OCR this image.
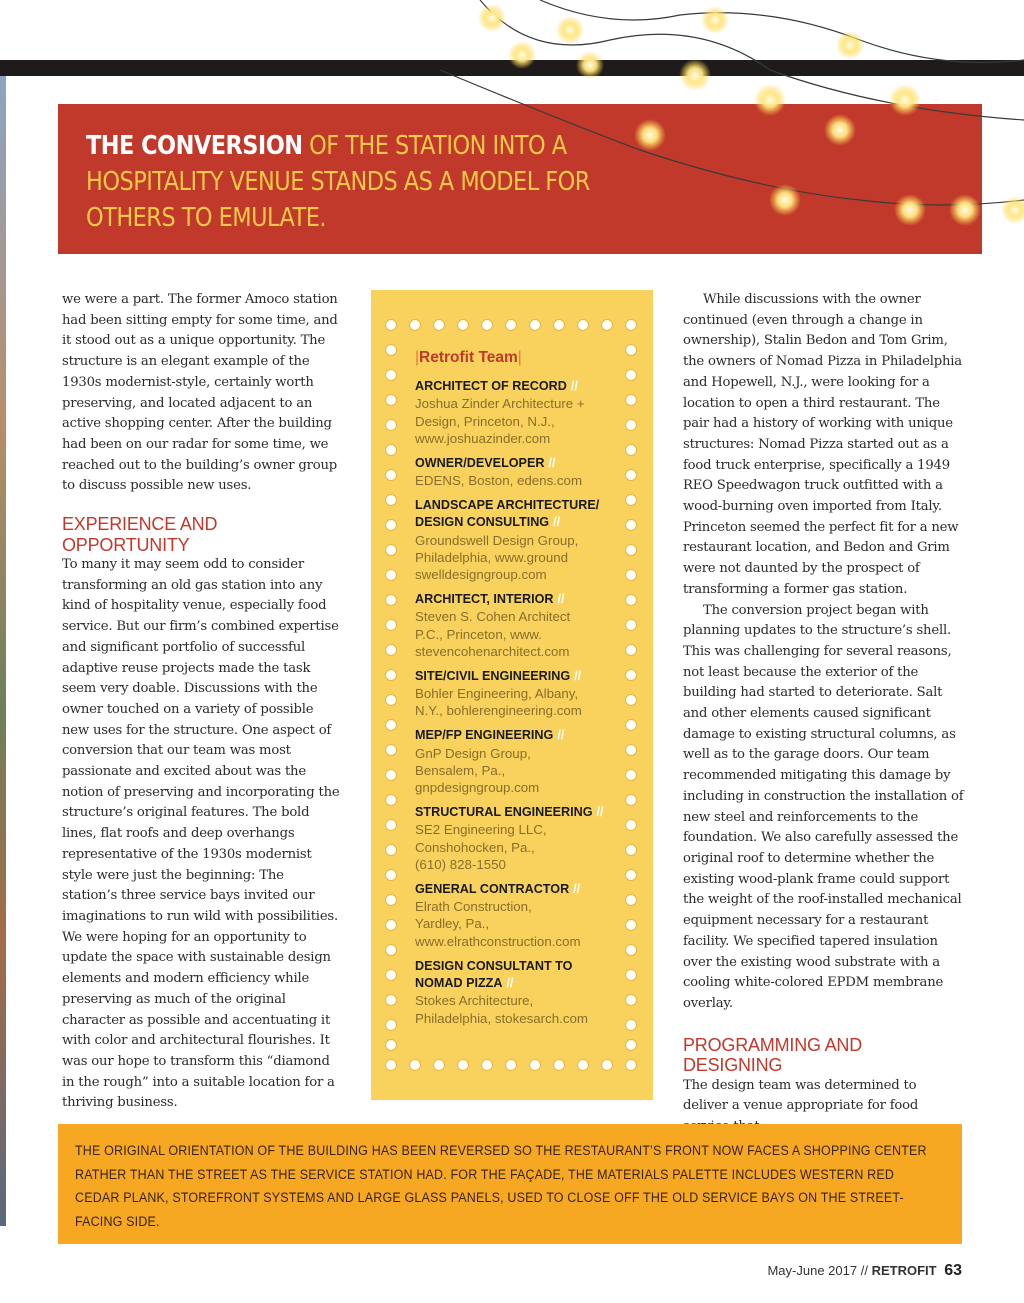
THE CONVERSION OF THE STATION INTO A HOSPITALITY VENUE STANDS AS A MODEL FOR OTHERS TO EMULATE.

we were a part. The former Amoco station had been sitting empty for some time, and it stood out as a unique opportunity. The structure is an elegant example of the 1930s modernist-style, certainly worth preserving, and located adjacent to an active shopping center. After the building had been on our radar for some time, we reached out to the building’s owner group to discuss possible new uses.

EXPERIENCE AND OPPORTUNITY

To many it may seem odd to consider transforming an old gas station into any kind of hospitality venue, especially food service. But our firm’s combined expertise and significant portfolio of successful adaptive reuse projects made the task seem very doable. Discussions with the owner touched on a variety of possible new uses for the structure. One aspect of conversion that our team was most passionate and excited about was the notion of preserving and incorporating the structure’s original features. The bold lines, flat roofs and deep overhangs representative of the 1930s modernist style were just the beginning: The station’s three service bays invited our imaginations to run wild with possibilities. We were hoping for an opportunity to update the space with sustainable design elements and modern efficiency while preserving as much of the original character as possible and accentuating it with color and architectural flourishes. It was our hope to transform this “diamond in the rough” into a suitable location for a thriving business.

|Retrofit Team|
ARCHITECT OF RECORD //
Joshua Zinder Architecture +
Design, Princeton, N.J.,
www.joshuazinder.com
OWNER/DEVELOPER //
EDENS, Boston, edens.com
LANDSCAPE ARCHITECTURE/ DESIGN CONSULTING //
Groundswell Design Group,
Philadelphia, www.ground
swelldesigngroup.com
ARCHITECT, INTERIOR //
Steven S. Cohen Architect
P.C., Princeton, www.
stevencohenarchitect.com
SITE/CIVIL ENGINEERING //
Bohler Engineering, Albany,
N.Y., bohlerengineering.com
MEP/FP ENGINEERING //
GnP Design Group,
Bensalem, Pa.,
gnpdesigngroup.com
STRUCTURAL ENGINEERING //
SE2 Engineering LLC,
Conshohocken, Pa.,
(610) 828-1550
GENERAL CONTRACTOR //
Elrath Construction,
Yardley, Pa.,
www.elrathconstruction.com
DESIGN CONSULTANT TO NOMAD PIZZA //
Stokes Architecture,
Philadelphia, stokesarch.com

While discussions with the owner continued (even through a change in ownership), Stalin Bedon and Tom Grim, the owners of Nomad Pizza in Philadelphia and Hopewell, N.J., were looking for a location to open a third restaurant. The pair had a history of working with unique structures: Nomad Pizza started out as a food truck enterprise, specifically a 1949 REO Speedwagon truck outfitted with a wood-burning oven imported from Italy. Princeton seemed the perfect fit for a new restaurant location, and Bedon and Grim were not daunted by the prospect of transforming a former gas station.

The conversion project began with planning updates to the structure’s shell. This was challenging for several reasons, not least because the exterior of the building had started to deteriorate. Salt and other elements caused significant damage to existing structural columns, as well as to the garage doors. Our team recommended mitigating this damage by including in construction the installation of new steel and reinforcements to the foundation. We also carefully assessed the original roof to determine whether the existing wood-plank frame could support the weight of the roof-installed mechanical equipment necessary for a restaurant facility. We specified tapered insulation over the existing wood substrate with a cooling white-colored EPDM membrane overlay.

PROGRAMMING AND DESIGNING

The design team was determined to deliver a venue appropriate for food

THE ORIGINAL ORIENTATION OF THE BUILDING HAS BEEN REVERSED SO THE RESTAURANT’S FRONT NOW FACES A SHOPPING CENTER RATHER THAN THE STREET AS THE SERVICE STATION HAD. FOR THE FAÇADE, THE MATERIALS PALETTE INCLUDES WESTERN RED CEDAR PLANK, STOREFRONT SYSTEMS AND LARGE GLASS PANELS, USED TO CLOSE OFF THE OLD SERVICE BAYS ON THE STREET-FACING SIDE.
May-June 2017 // RETROFIT 63
